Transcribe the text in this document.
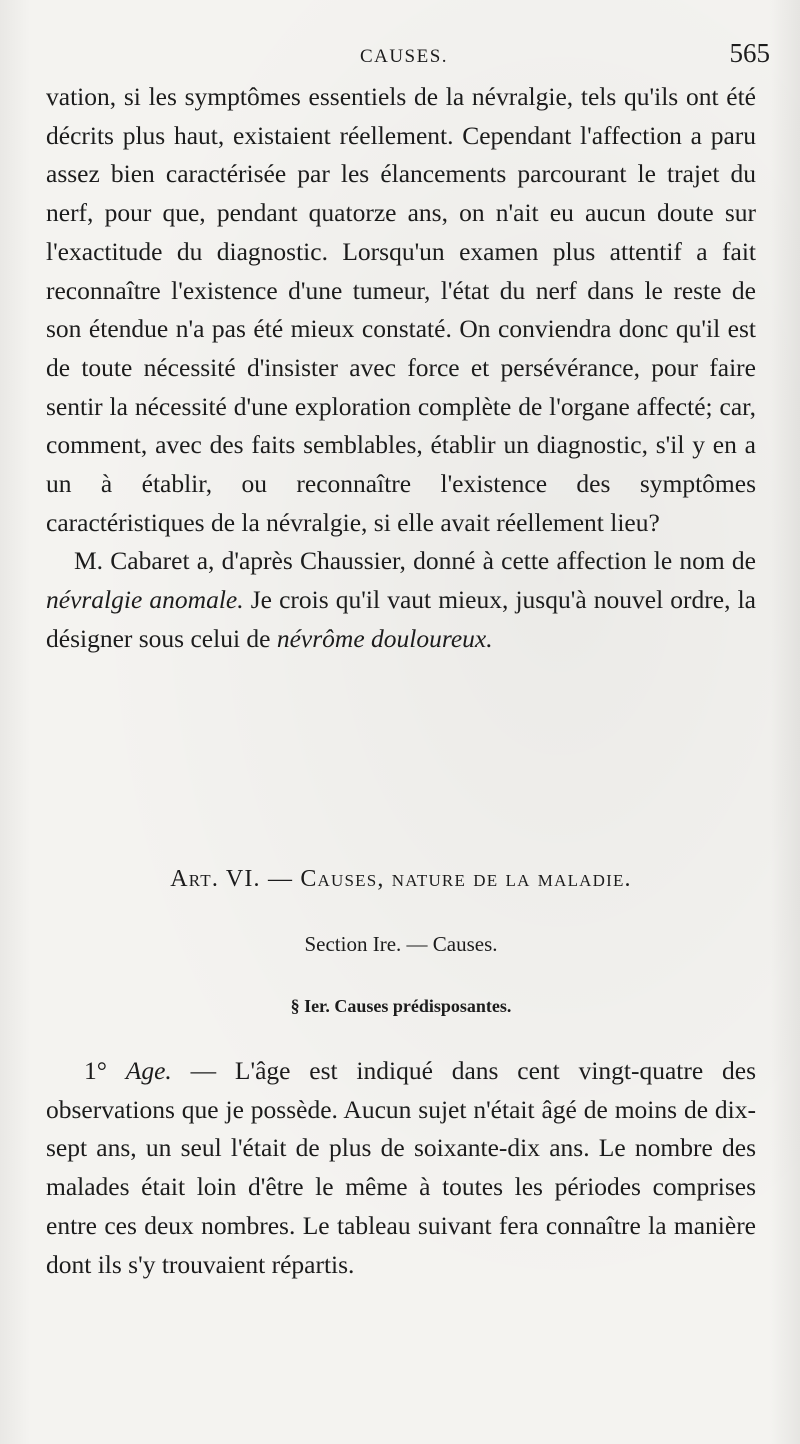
CAUSES.	565

vation, si les symptômes essentiels de la névralgie, tels qu'ils ont été décrits plus haut, existaient réellement. Cependant l'affection a paru assez bien caractérisée par les élancements parcourant le trajet du nerf, pour que, pendant quatorze ans, on n'ait eu aucun doute sur l'exactitude du diagnostic. Lorsqu'un examen plus attentif a fait reconnaître l'existence d'une tumeur, l'état du nerf dans le reste de son étendue n'a pas été mieux constaté. On conviendra donc qu'il est de toute nécessité d'insister avec force et persévérance, pour faire sentir la nécessité d'une exploration complète de l'organe affecté; car, comment, avec des faits semblables, établir un diagnostic, s'il y en a un à établir, ou reconnaître l'existence des symptômes caractéristiques de la névralgie, si elle avait réellement lieu?

M. Cabaret a, d'après Chaussier, donné à cette affection le nom de névralgie anomale. Je crois qu'il vaut mieux, jusqu'à nouvel ordre, la désigner sous celui de névrôme douloureux.

Art. VI. — Causes, nature de la maladie.
Section Ire. — Causes.
§ Ier. Causes prédisposantes.

1° Age. — L'âge est indiqué dans cent vingt-quatre des observations que je possède. Aucun sujet n'était âgé de moins de dix-sept ans, un seul l'était de plus de soixante-dix ans. Le nombre des malades était loin d'être le même à toutes les périodes comprises entre ces deux nombres. Le tableau suivant fera connaître la manière dont ils s'y trouvaient répartis.
